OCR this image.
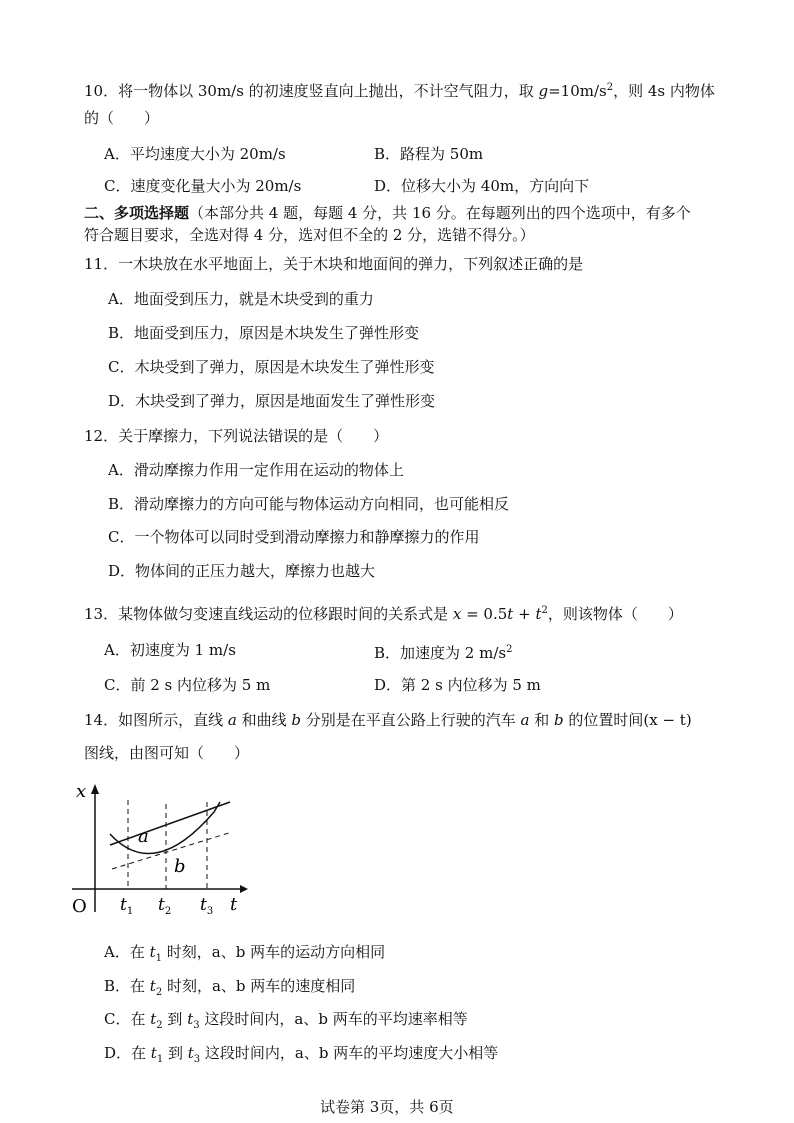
10．将一物体以 30m/s 的初速度竖直向上抛出，不计空气阻力，取 $g=10m/s^2$，则 4s 内物体
的（　　）
A．平均速度大小为 20m/s	B．路程为 50m
C．速度变化量大小为 20m/s	D．位移大小为 40m，方向向下
二、多项选择题（本部分共 4 题，每题 4 分，共 16 分。在每题列出的四个选项中，有多个
符合题目要求，全选对得 4 分，选对但不全的 2 分，选错不得分。）
11．一木块放在水平地面上，关于木块和地面间的弹力，下列叙述正确的是
A．地面受到压力，就是木块受到的重力
B．地面受到压力，原因是木块发生了弹性形变
C．木块受到了弹力，原因是木块发生了弹性形变
D．木块受到了弹力，原因是地面发生了弹性形变
12．关于摩擦力，下列说法错误的是（　　）
A．滑动摩擦力作用一定作用在运动的物体上
B．滑动摩擦力的方向可能与物体运动方向相同，也可能相反
C．一个物体可以同时受到滑动摩擦力和静摩擦力的作用
D．物体间的正压力越大，摩擦力也越大
13．某物体做匀变速直线运动的位移跟时间的关系式是 $x = 0.5t + t^2$，则该物体（　　）
A．初速度为 1 m/s	B．加速度为 2 $m/s^2$
C．前 2 s 内位移为 5 m	D．第 2 s 内位移为 5 m
14．如图所示，直线 a 和曲线 b 分别是在平直公路上行驶的汽车 a 和 b 的位置时间(x − t)
图线，由图可知（　　）
x
t
O
a
b
$t_1$ $t_2$ $t_3$
A．在 $t_1$ 时刻，a、b 两车的运动方向相同
B．在 $t_2$ 时刻，a、b 两车的速度相同
C．在 $t_2$ 到 $t_3$ 这段时间内，a、b 两车的平均速率相等
D．在 $t_1$ 到 $t_3$ 这段时间内，a、b 两车的平均速度大小相等
试卷第 3页，共 6页
